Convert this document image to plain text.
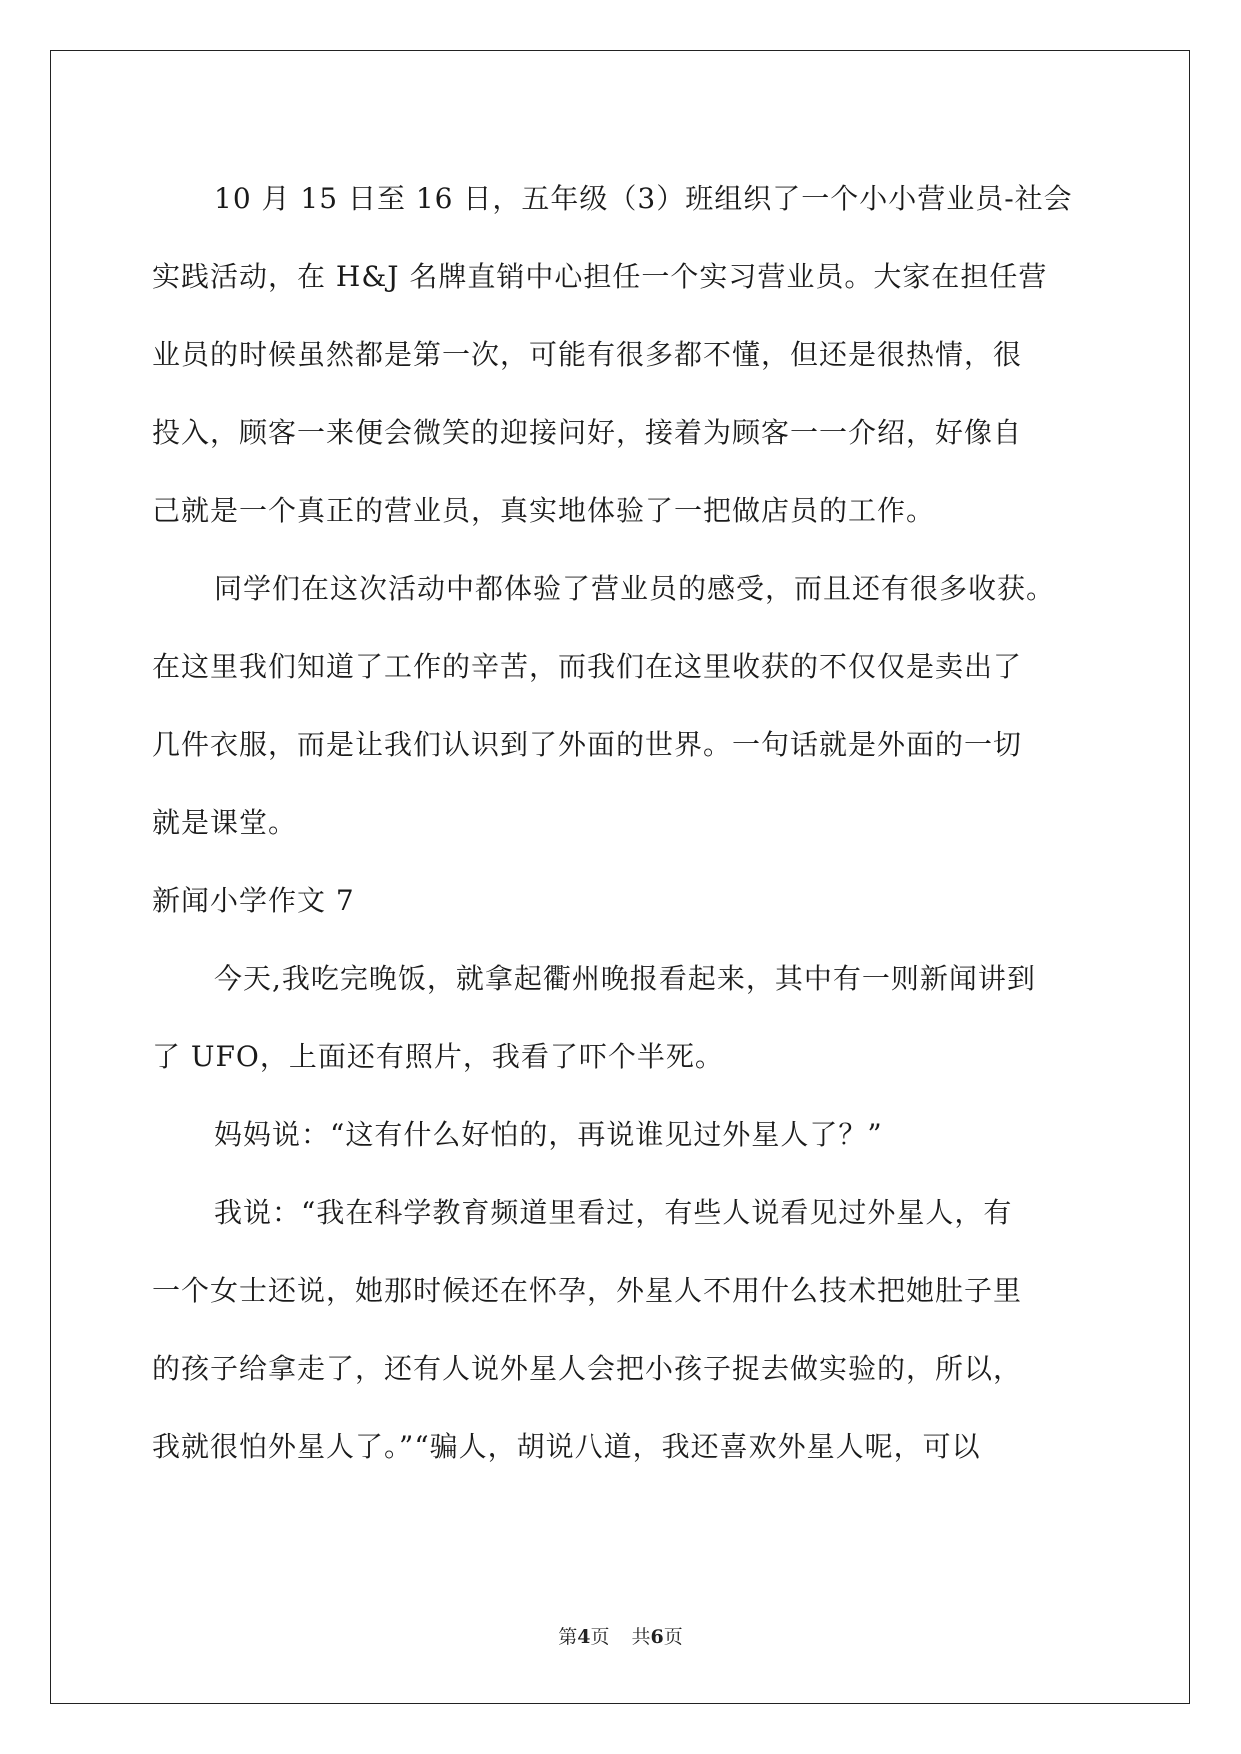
10 月 15 日至 16 日，五年级（3）班组织了一个小小营业员-社会
实践活动，在 H&J 名牌直销中心担任一个实习营业员。大家在担任营
业员的时候虽然都是第一次，可能有很多都不懂，但还是很热情，很
投入，顾客一来便会微笑的迎接问好，接着为顾客一一介绍，好像自
己就是一个真正的营业员，真实地体验了一把做店员的工作。
同学们在这次活动中都体验了营业员的感受，而且还有很多收获。
在这里我们知道了工作的辛苦，而我们在这里收获的不仅仅是卖出了
几件衣服，而是让我们认识到了外面的世界。一句话就是外面的一切
就是课堂。
新闻小学作文 7
今天,我吃完晚饭，就拿起衢州晚报看起来，其中有一则新闻讲到
了 UFO，上面还有照片，我看了吓个半死。
妈妈说：“这有什么好怕的，再说谁见过外星人了？”
我说：“我在科学教育频道里看过，有些人说看见过外星人，有
一个女士还说，她那时候还在怀孕，外星人不用什么技术把她肚子里
的孩子给拿走了，还有人说外星人会把小孩子捉去做实验的，所以，
我就很怕外星人了。”“骗人，胡说八道，我还喜欢外星人呢，可以
第4页 共6页
